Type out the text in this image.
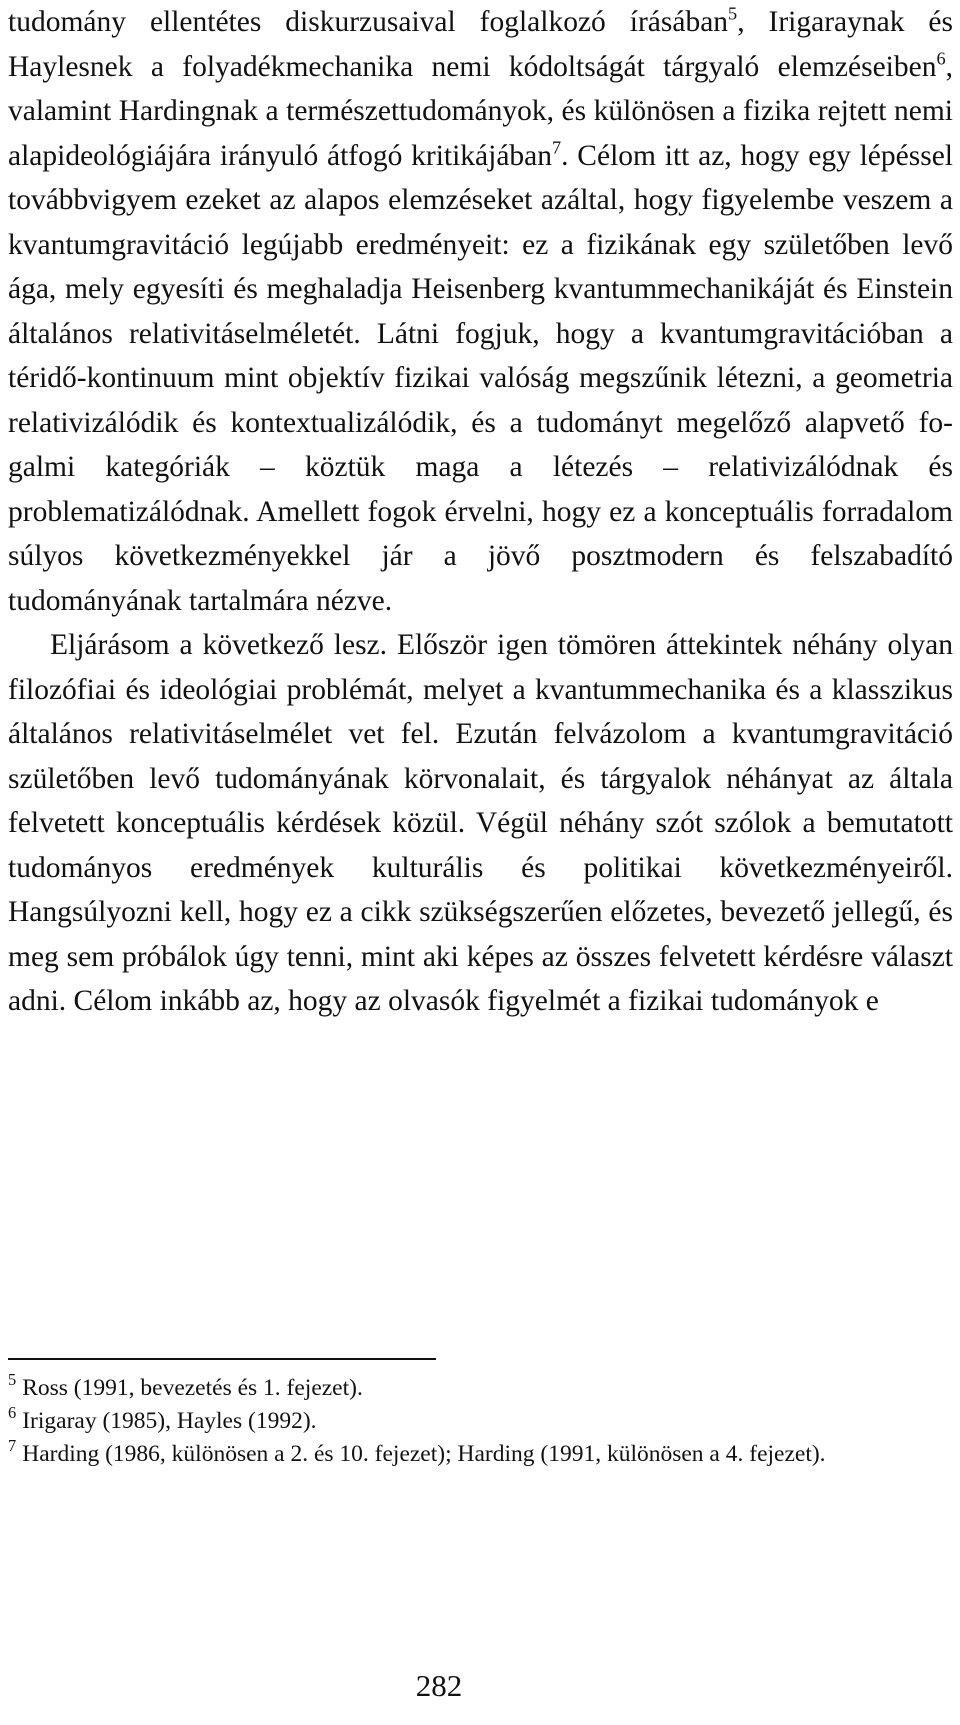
tudomány ellentétes diskurzusaival foglalkozó írásában$^5$, Irigaraynak és Haylesnek a folyadékmechanika nemi kódoltságát tárgyaló elemzéseiben$^6$, valamint Hardingnak a természettudományok, és különösen a fizika rejtett nemi alapideológiájára irányuló átfogó kritikájában$^7$. Célom itt az, hogy egy lépéssel továbbvigyem ezeket az alapos elemzéseket azáltal, hogy figyelembe veszem a kvantumgravitáció legújabb eredményeit: ez a fizikának egy születőben levő ága, mely egyesíti és meghaladja Heisenberg kvantummechanikáját és Einstein általános relativitáselméletét. Látni fogjuk, hogy a kvantumgravitációban a téridő-kontinuum mint objektív fizikai valóság megszűnik létezni, a geometria relativizálódik és kontextualizálódik, és a tudományt megelőző alapvető fogalmi kategóriák – köztük maga a létezés – relativizálódnak és problematizálódnak. Amellett fogok érvelni, hogy ez a konceptuális forradalom súlyos következményekkel jár a jövő posztmodern és felszabadító tudományának tartalmára nézve.

Eljárásom a következő lesz. Először igen tömören áttekintek néhány olyan filozófiai és ideológiai problémát, melyet a kvantummechanika és a klasszikus általános relativitáselmélet vet fel. Ezután felvázolom a kvantumgravitáció születőben levő tudományának körvonalait, és tárgyalok néhányat az általa felvetett konceptuális kérdések közül. Végül néhány szót szólok a bemutatott tudományos eredmények kulturális és politikai következményeiről. Hangsúlyozni kell, hogy ez a cikk szükségszerűen előzetes, bevezető jellegű, és meg sem próbálok úgy tenni, mint aki képes az összes felvetett kérdésre választ adni. Célom inkább az, hogy az olvasók figyelmét a fizikai tudományok e

$^5$ Ross (1991, bevezetés és 1. fejezet).

$^6$ Irigaray (1985), Hayles (1992).

$^7$ Harding (1986, különösen a 2. és 10. fejezet); Harding (1991, különösen a 4. fejezet).

282
